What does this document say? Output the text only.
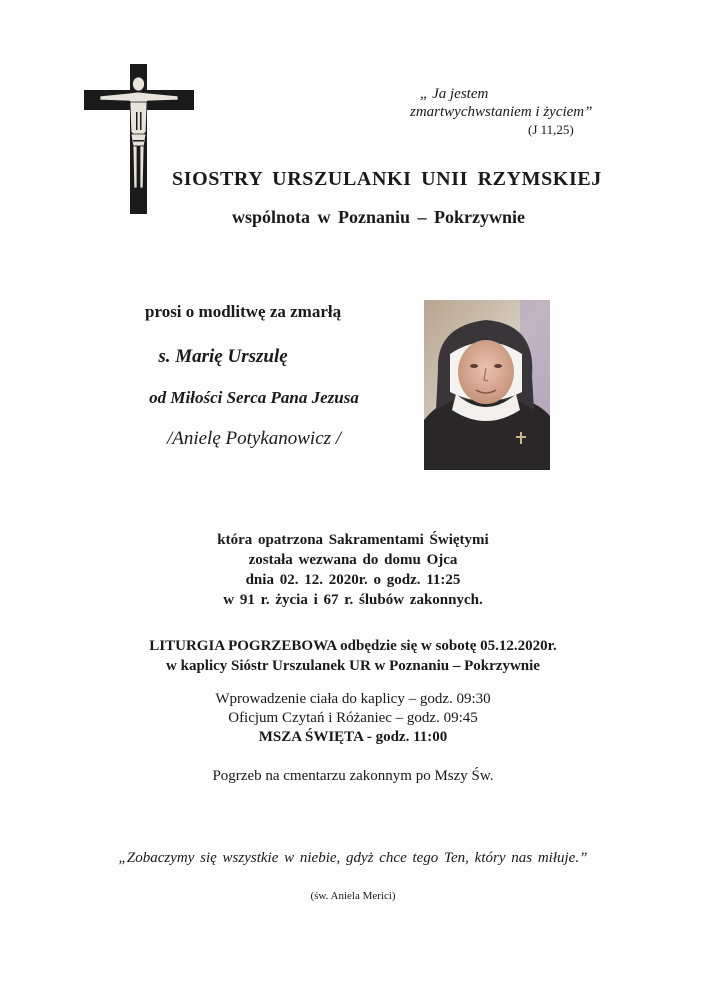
„ Ja jestem
zmartwychwstaniem i życiem”
(J 11,25)
SIOSTRY URSZULANKI UNII RZYMSKIEJ
wspólnota w Poznaniu – Pokrzywnie
prosi o modlitwę za zmarłą
s. Marię Urszulę
od Miłości Serca Pana Jezusa
/Anielę Potykanowicz /
która opatrzona Sakramentami Świętymi
została wezwana do domu Ojca
dnia 02. 12. 2020r. o godz. 11:25
w 91 r. życia i 67 r. ślubów zakonnych.
LITURGIA POGRZEBOWA odbędzie się w sobotę 05.12.2020r.
w kaplicy Sióstr Urszulanek UR w Poznaniu – Pokrzywnie
Wprowadzenie ciała do kaplicy – godz. 09:30
Oficjum Czytań i Różaniec – godz. 09:45
MSZA ŚWIĘTA - godz. 11:00
Pogrzeb na cmentarzu zakonnym po Mszy Św.
„Zobaczymy się wszystkie w niebie, gdyż chce tego Ten, który nas miłuje.”
(św. Aniela Merici)
